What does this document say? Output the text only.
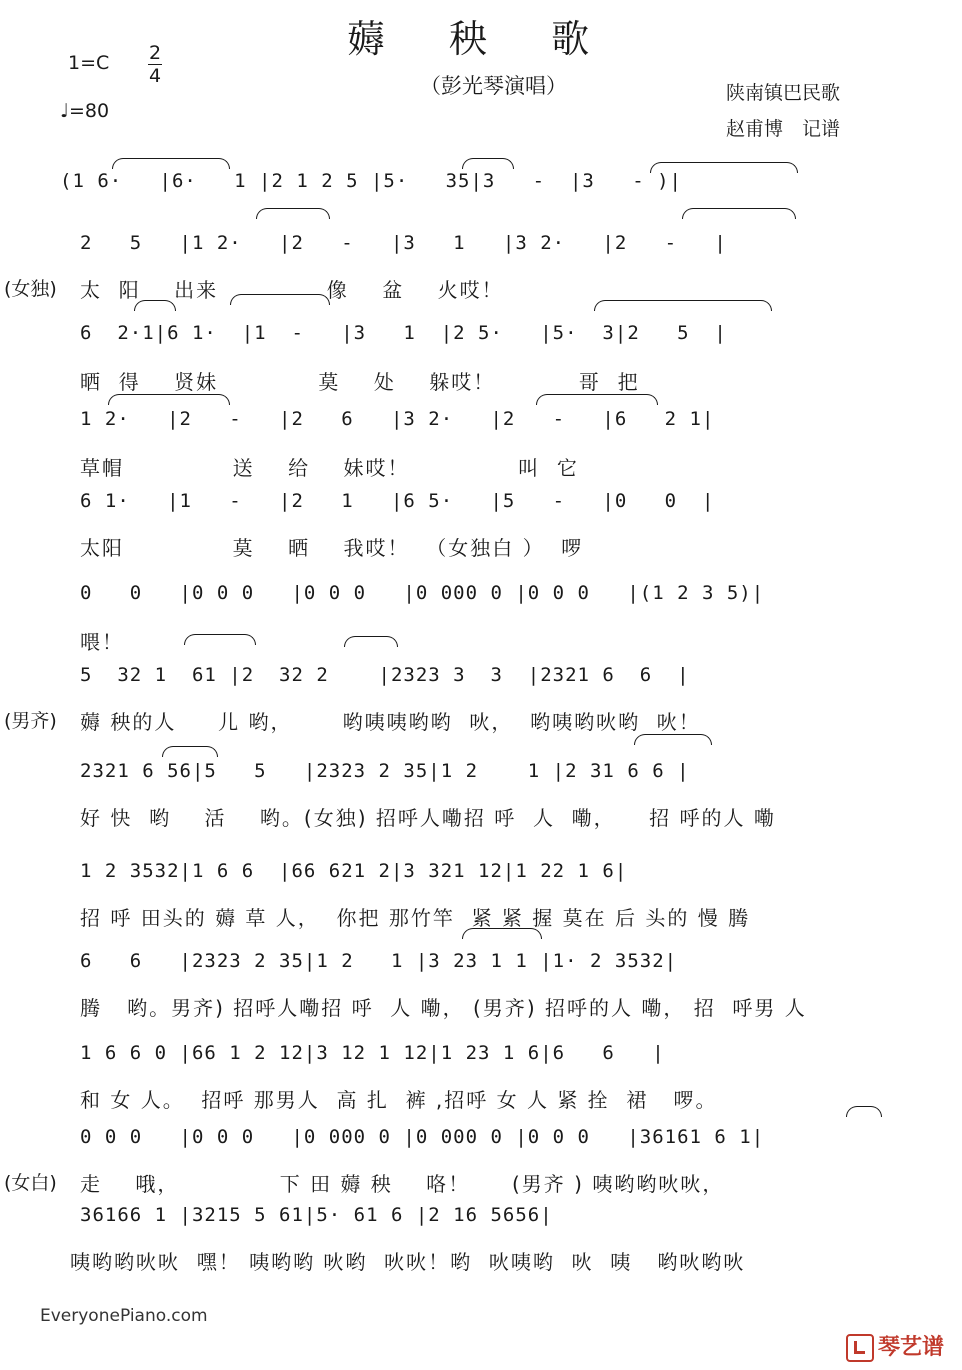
薅 秧 歌
（彭光琴演唱）
1=C 2
4
♩=80
陕南镇巴民歌
赵甫博　记谱
(1 6·   |6·   1 |2 1 2 5 |5·   35|3   -  |3   - )|
2   5   |1 2·   |2   -   |3   1   |3 2·   |2   -   |
(女独) 太  阳    出来             像    盆    火哎！
6  2·1|6 1·  |1  -   |3   1  |2 5·   |5·  3|2   5  |
晒  得    贤妹            莫    处    躲哎！          哥  把
1 2·   |2   -   |2   6   |3 2·   |2   -   |6   2 1|
草帽             送    给    妹哎！             叫  它
6 1·   |1   -   |2   1   |6 5·   |5   -   |0   0  |
太阳             莫    晒    我哎！  （女独白 ）  啰
0   0   |0 0 0   |0 0 0   |0 000 0 |0 0 0   |(1 2 3 5)|
喂！
5  32 1  61 |2  32 2    |2323 3  3  |2321 6  6  |
(男齐) 薅 秧的人     儿 哟，      哟咦咦哟哟  吙，  哟咦哟吙哟  吙！
2321 6 56|5   5   |2323 2 35|1 2    1 |2 31 6 6 |
好 快  哟    活    哟。(女独) 招呼人嘞招 呼  人  嘞，    招 呼的人 嘞
1 2 3532|1 6 6  |66 621 2|3 321 12|1 22 1 6|
招 呼 田头的 薅 草 人，  你把 那竹竿  紧 紧 握 莫在 后 头的 慢 腾
6   6   |2323 2 35|1 2   1 |3 23 1 1 |1· 2 3532|
腾   哟。男齐) 招呼人嘞招 呼  人 嘞， (男齐) 招呼的人 嘞， 招  呼男 人
1 6 6 0 |66 1 2 12|3 12 1 12|1 23 1 6|6   6   |
和 女 人。  招呼 那男人  高 扎  裤 ,招呼 女 人 紧 拴  裙   啰。
0 0 0   |0 0 0   |0 000 0 |0 000 0 |0 0 0   |36161 6 1|
(女白) 走    哦，            下 田 薅 秧    咯！     (男齐 ) 咦哟哟吙吙，
36166 1 |3215 5 61|5· 61 6 |2 16 5656|
咦哟哟吙吙  嘿！ 咦哟哟 吙哟  吙吙！哟  吙咦哟  吙  咦   哟吙哟吙
EveryonePiano.com
琴艺谱
